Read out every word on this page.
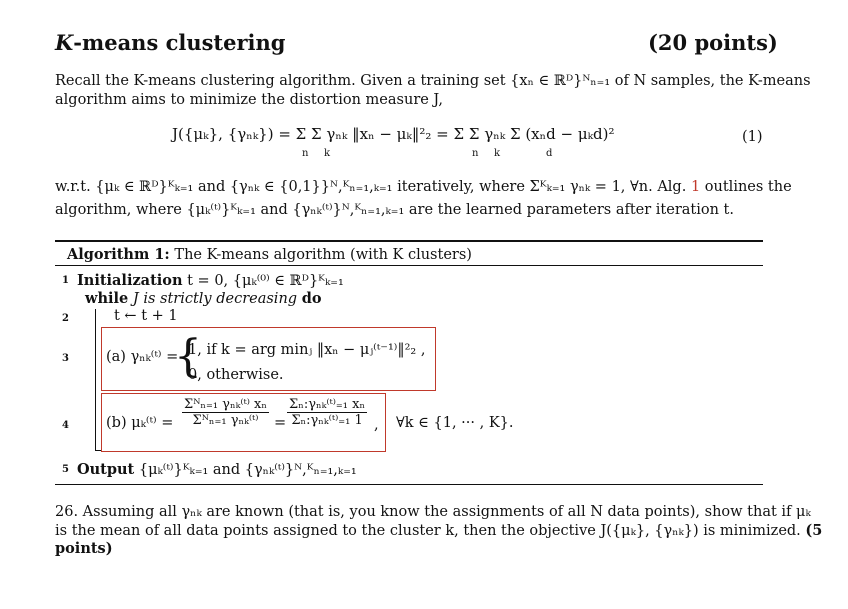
K-means clustering	(20 points)
Recall the K-means clustering algorithm. Given a training set {xₙ ∈ ℝᴰ}ᴺₙ₌₁ of N samples, the K-means
algorithm aims to minimize the distortion measure J,
J({μₖ}, {γₙₖ}) = Σ Σ γₙₖ ‖xₙ − μₖ‖²₂ = Σ Σ γₙₖ Σ (xₙd − μₖd)²
n k	n k	d
(1)
w.r.t. {μₖ ∈ ℝᴰ}ᴷₖ₌₁ and {γₙₖ ∈ {0,1}}ᴺ,ᴷₙ₌₁,ₖ₌₁ iteratively, where Σᴷₖ₌₁ γₙₖ = 1, ∀n. Alg. 1 outlines the
algorithm, where {μₖ⁽ᵗ⁾}ᴷₖ₌₁ and {γₙₖ⁽ᵗ⁾}ᴺ,ᴷₙ₌₁,ₖ₌₁ are the learned parameters after iteration t.
Algorithm 1: The K-means algorithm (with K clusters)
1 Initialization t = 0, {μₖ⁽⁰⁾ ∈ ℝᴰ}ᴷₖ₌₁
while J is strictly decreasing do
2	t ← t + 1
3	(a) γₙₖ⁽ᵗ⁾ =
{
1, if k = arg minⱼ ‖xₙ − μⱼ⁽ᵗ⁻¹⁾‖²₂ ,
0, otherwise.
4	(b) μₖ⁽ᵗ⁾ = $\frac{\text{Σᴺₙ₌₁ γₙₖ⁽ᵗ⁾ xₙ}}{\text{Σᴺₙ₌₁ γₙₖ⁽ᵗ⁾}} = \frac{\text{Σₙ:γₙₖ⁽ᵗ⁾₌₁ xₙ}}{\text{Σₙ:γₙₖ⁽ᵗ⁾₌₁ 1}}$ , ∀k ∈ {1, ··· , K}.
5 Output {μₖ⁽ᵗ⁾}ᴷₖ₌₁ and {γₙₖ⁽ᵗ⁾}ᴺ,ᴷₙ₌₁,ₖ₌₁
26. Assuming all γₙₖ are known (that is, you know the assignments of all N data points), show that if μₖ
is the mean of all data points assigned to the cluster k, then the objective J({μₖ}, {γₙₖ}) is minimized. (5
points)
